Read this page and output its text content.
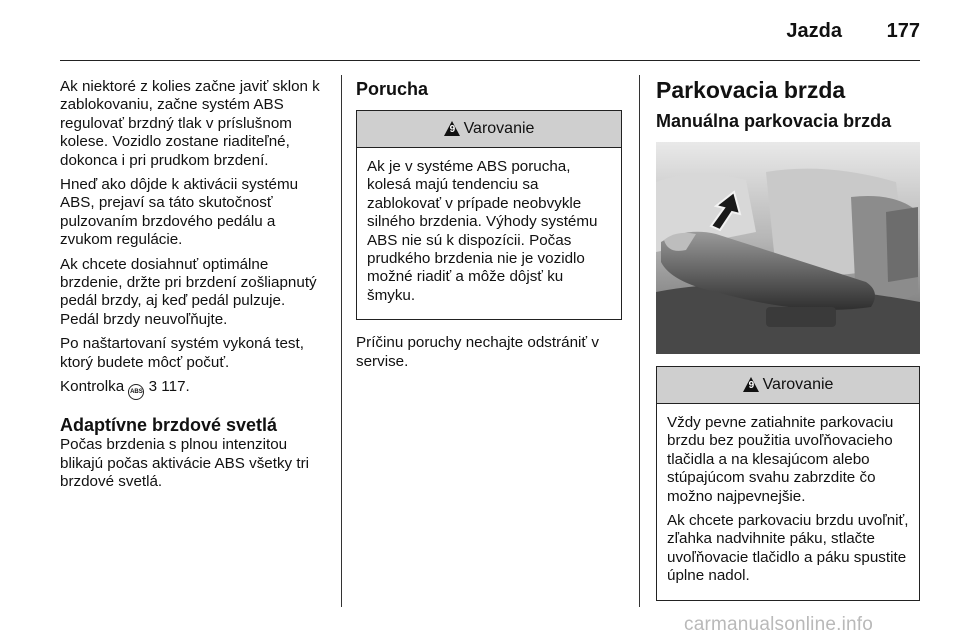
Jazda 177

Ak niektoré z kolies začne javiť sklon k zablokovaniu, začne systém ABS regulovať brzdný tlak v príslušnom kolese. Vozidlo zostane riaditeľné, dokonca i pri prudkom brzdení.

Hneď ako dôjde k aktivácii systému ABS, prejaví sa táto skutočnosť pulzovaním brzdového pedálu a zvukom regulácie.

Ak chcete dosiahnuť optimálne brzdenie, držte pri brzdení zošliapnutý pedál brzdy, aj keď pedál pulzuje. Pedál brzdy neuvoľňujte.

Po naštartovaní systém vykoná test, ktorý budete môcť počuť.

Kontrolka ABS 3 117.

Adaptívne brzdové svetlá

Počas brzdenia s plnou intenzitou blikajú počas aktivácie ABS všetky tri brzdové svetlá.

Porucha
9 Varovanie

Ak je v systéme ABS porucha, kolesá majú tendenciu sa zablokovať v prípade neobvykle silného brzdenia. Výhody systému ABS nie sú k dispozícii. Počas prudkého brzdenia nie je vozidlo možné riadiť a môže dôjsť ku šmyku.

Príčinu poruchy nechajte odstrániť v servise.

Parkovacia brzda
Manuálna parkovacia brzda
9 Varovanie

Vždy pevne zatiahnite parkovaciu brzdu bez použitia uvoľňovacieho tlačidla a na klesajúcom alebo stúpajúcom svahu zabrzdite čo možno najpevnejšie.

Ak chcete parkovaciu brzdu uvoľniť, zľahka nadvihnite páku, stlačte uvoľňovacie tlačidlo a páku spustite úplne nadol.

carmanualsonline.info
